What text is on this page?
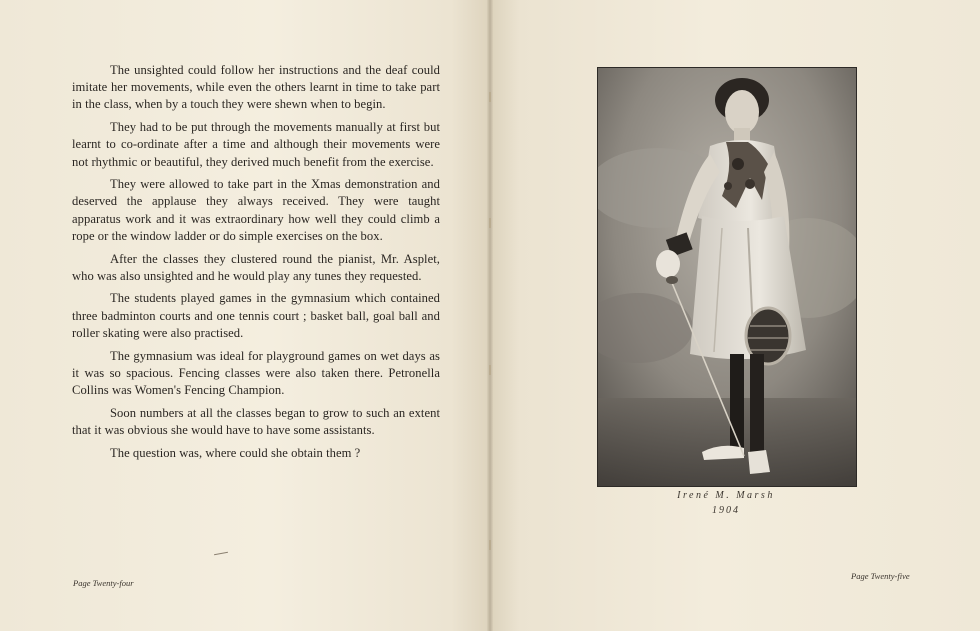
The unsighted could follow her instructions and the deaf could imitate her movements, while even the others learnt in time to take part in the class, when by a touch they were shewn when to begin.

They had to be put through the movements manually at first but learnt to co-ordinate after a time and although their movements were not rhythmic or beautiful, they derived much benefit from the exercise.

They were allowed to take part in the Xmas demonstration and deserved the applause they always received. They were taught apparatus work and it was extraordinary how well they could climb a rope or the window ladder or do simple exercises on the box.

After the classes they clustered round the pianist, Mr. Asplet, who was also unsighted and he would play any tunes they requested.

The students played games in the gymnasium which contained three badminton courts and one tennis court ; basket ball, goal ball and roller skating were also practised.

The gymnasium was ideal for playground games on wet days as it was so spacious. Fencing classes were also taken there. Petronella Collins was Women's Fencing Champion.

Soon numbers at all the classes began to grow to such an extent that it was obvious she would have to have some assistants.

The question was, where could she obtain them ?

Page Twenty-four
Irené M. Marsh
1904
Page Twenty-five
